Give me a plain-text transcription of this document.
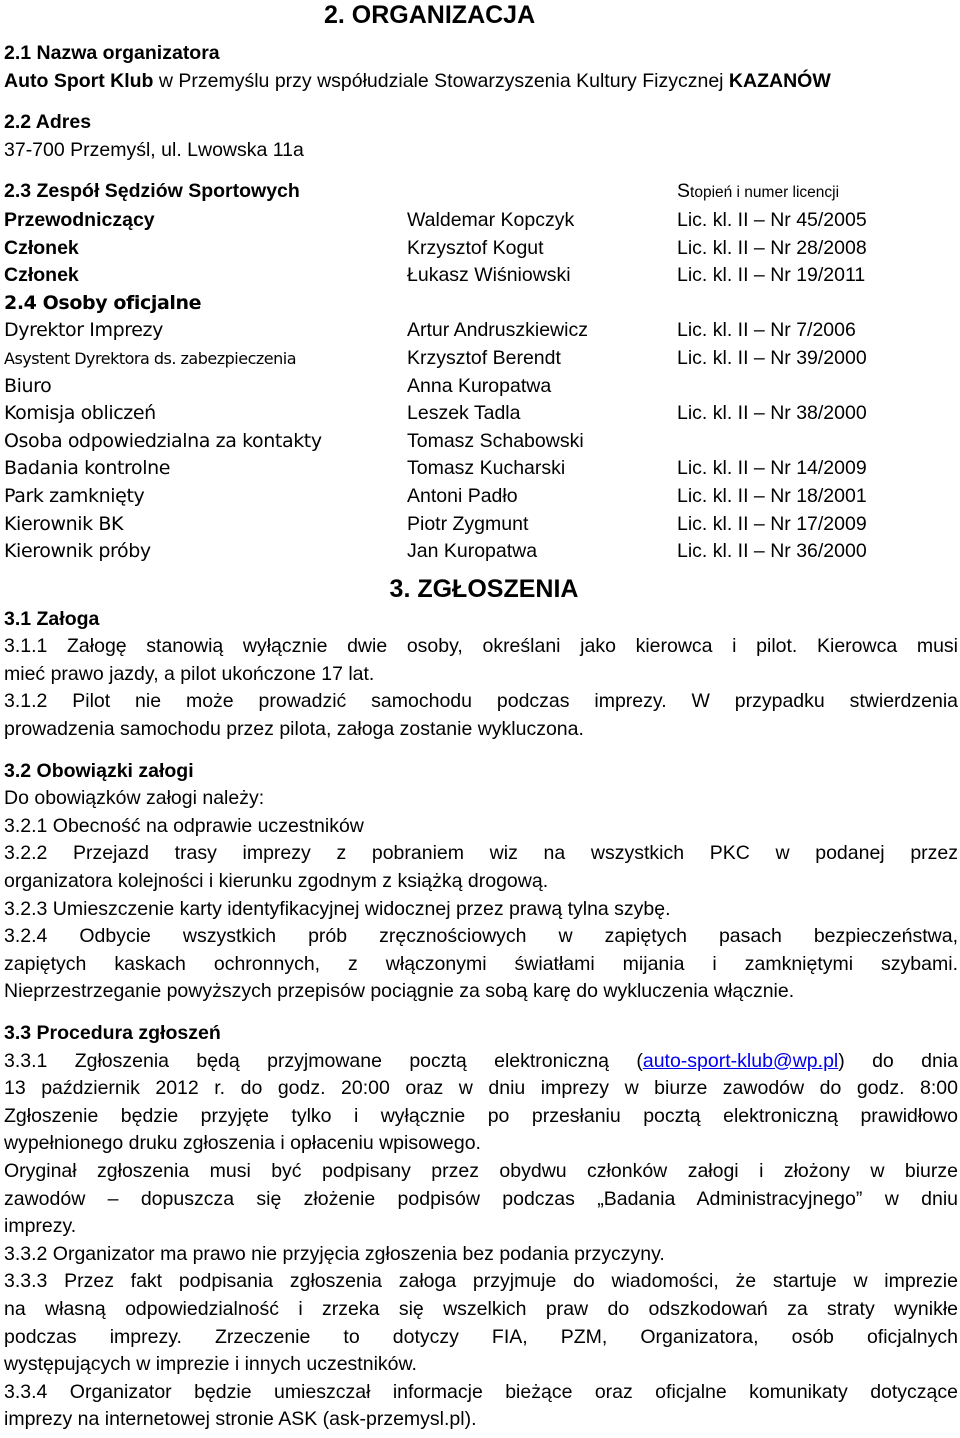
2. ORGANIZACJA
2.1 Nazwa organizatora
Auto Sport Klub w Przemyślu przy współudziale Stowarzyszenia Kultury Fizycznej KAZANÓW
2.2 Adres
37-700 Przemyśl, ul. Lwowska 11a
2.3 Zespół Sędziów Sportowych	Stopień i numer licencji
Przewodniczący	Waldemar Kopczyk	Lic. kl. II – Nr 45/2005
Członek	Krzysztof Kogut	Lic. kl. II – Nr 28/2008
Członek	Łukasz Wiśniowski	Lic. kl. II – Nr 19/2011
2.4 Osoby oficjalne
Dyrektor Imprezy	Artur Andruszkiewicz	Lic. kl. II – Nr 7/2006
Asystent Dyrektora ds. zabezpieczenia	Krzysztof Berendt	Lic. kl. II – Nr 39/2000
Biuro	Anna Kuropatwa
Komisja obliczeń	Leszek Tadla	Lic. kl. II – Nr 38/2000
Osoba odpowiedzialna za kontakty	Tomasz Schabowski
Badania kontrolne	Tomasz Kucharski	Lic. kl. II – Nr 14/2009
Park zamknięty	Antoni Padło	Lic. kl. II – Nr 18/2001
Kierownik BK	Piotr Zygmunt	Lic. kl. II – Nr 17/2009
Kierownik próby	Jan Kuropatwa	Lic. kl. II – Nr 36/2000
3. ZGŁOSZENIA
3.1 Załoga
3.1.1 Załogę stanowią wyłącznie dwie osoby, określani jako kierowca i pilot. Kierowca musi
mieć prawo jazdy, a pilot ukończone 17 lat.
3.1.2 Pilot nie może prowadzić samochodu podczas imprezy. W przypadku stwierdzenia
prowadzenia samochodu przez pilota, załoga zostanie wykluczona.
3.2 Obowiązki załogi
Do obowiązków załogi należy:
3.2.1 Obecność na odprawie uczestników
3.2.2 Przejazd trasy imprezy z pobraniem wiz na wszystkich PKC w podanej przez
organizatora kolejności i kierunku zgodnym z książką drogową.
3.2.3 Umieszczenie karty identyfikacyjnej widocznej przez prawą tylna szybę.
3.2.4 Odbycie wszystkich prób zręcznościowych w zapiętych pasach bezpieczeństwa,
zapiętych kaskach ochronnych, z włączonymi światłami mijania i zamkniętymi szybami.
Nieprzestrzeganie powyższych przepisów pociągnie za sobą karę do wykluczenia włącznie.
3.3 Procedura zgłoszeń
3.3.1 Zgłoszenia będą przyjmowane pocztą elektroniczną (auto-sport-klub@wp.pl) do dnia
13 październik 2012 r. do godz. 20:00 oraz w dniu imprezy w biurze zawodów do godz. 8:00
Zgłoszenie będzie przyjęte tylko i wyłącznie po przesłaniu pocztą elektroniczną prawidłowo
wypełnionego druku zgłoszenia i opłaceniu wpisowego.
Oryginał zgłoszenia musi być podpisany przez obydwu członków załogi i złożony w biurze
zawodów – dopuszcza się złożenie podpisów podczas „Badania Administracyjnego” w dniu
imprezy.
3.3.2 Organizator ma prawo nie przyjęcia zgłoszenia bez podania przyczyny.
3.3.3 Przez fakt podpisania zgłoszenia załoga przyjmuje do wiadomości, że startuje w imprezie
na własną odpowiedzialność i zrzeka się wszelkich praw do odszkodowań za straty wynikłe
podczas imprezy. Zrzeczenie to dotyczy FIA, PZM, Organizatora, osób oficjalnych
występujących w imprezie i innych uczestników.
3.3.4 Organizator będzie umieszczał informacje bieżące oraz oficjalne komunikaty dotyczące
imprezy na internetowej stronie ASK (ask-przemysl.pl).
